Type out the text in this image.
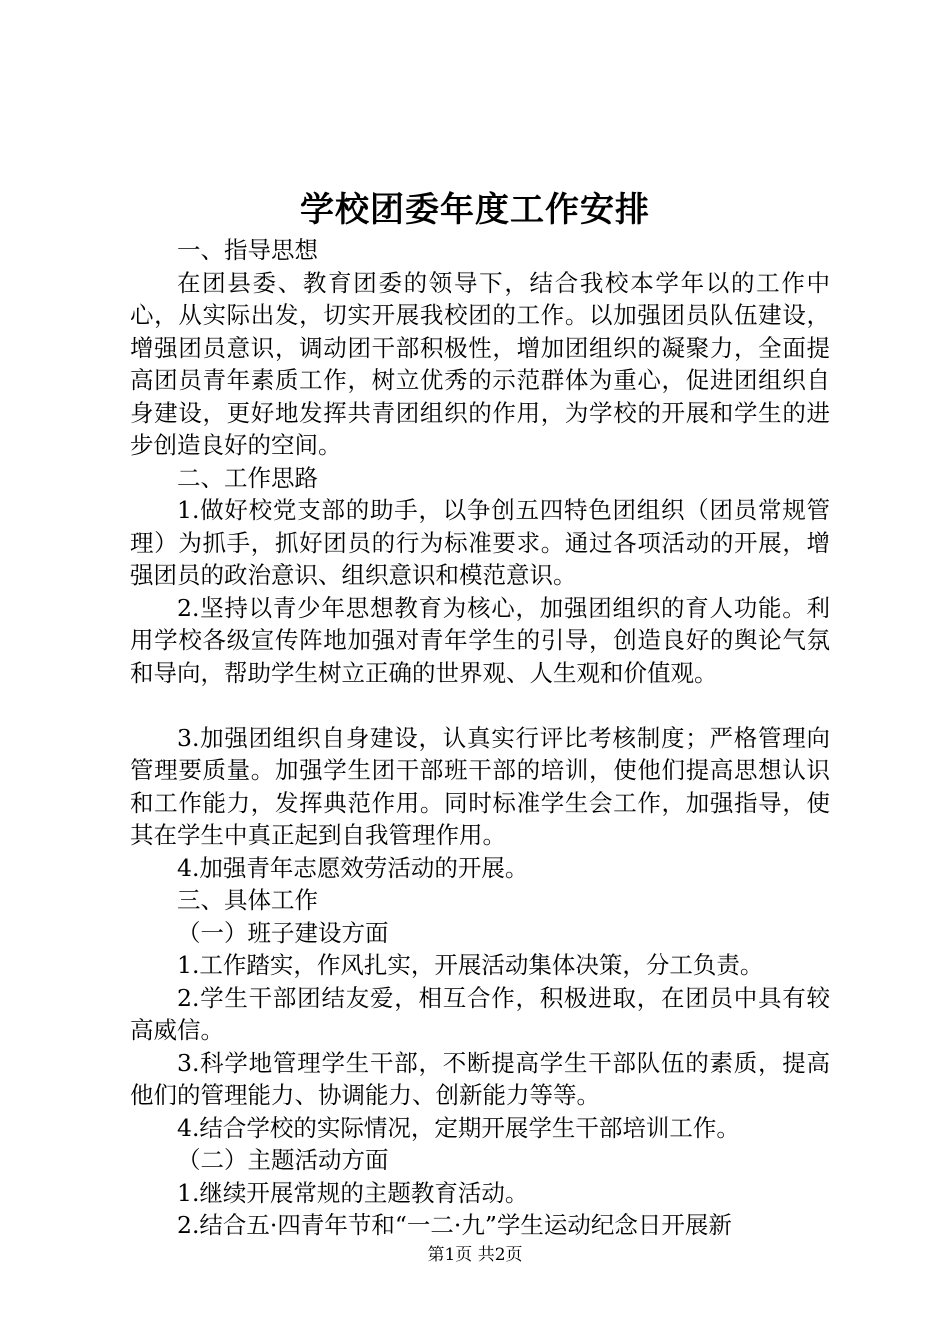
学校团委年度工作安排

一、指导思想

在团县委、教育团委的领导下，结合我校本学年以的工作中心，从实际出发，切实开展我校团的工作。以加强团员队伍建设，增强团员意识，调动团干部积极性，增加团组织的凝聚力，全面提高团员青年素质工作，树立优秀的示范群体为重心，促进团组织自身建设，更好地发挥共青团组织的作用，为学校的开展和学生的进步创造良好的空间。

二、工作思路

1.做好校党支部的助手，以争创五四特色团组织（团员常规管理）为抓手，抓好团员的行为标准要求。通过各项活动的开展，增强团员的政治意识、组织意识和模范意识。

2.坚持以青少年思想教育为核心，加强团组织的育人功能。利用学校各级宣传阵地加强对青年学生的引导，创造良好的舆论气氛和导向，帮助学生树立正确的世界观、人生观和价值观。

3.加强团组织自身建设，认真实行评比考核制度；严格管理向管理要质量。加强学生团干部班干部的培训，使他们提高思想认识和工作能力，发挥典范作用。同时标准学生会工作，加强指导，使其在学生中真正起到自我管理作用。

4.加强青年志愿效劳活动的开展。

三、具体工作

（一）班子建设方面

1.工作踏实，作风扎实，开展活动集体决策，分工负责。

2.学生干部团结友爱，相互合作，积极进取，在团员中具有较高威信。

3.科学地管理学生干部，不断提高学生干部队伍的素质，提高他们的管理能力、协调能力、创新能力等等。

4.结合学校的实际情况，定期开展学生干部培训工作。

（二）主题活动方面

1.继续开展常规的主题教育活动。

2.结合五·四青年节和“一二·九”学生运动纪念日开展新

第1页 共2页
